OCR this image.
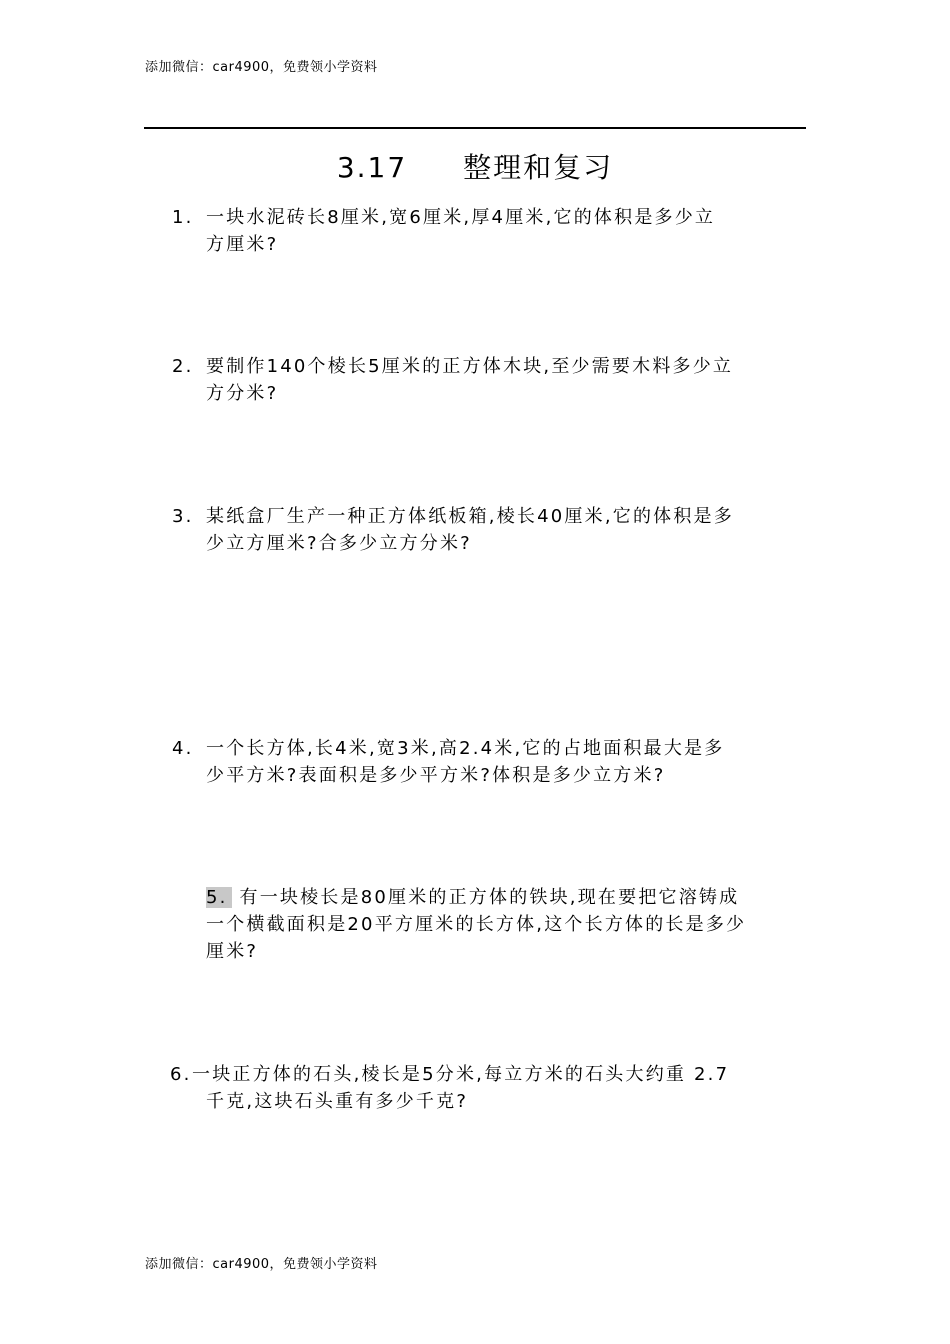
添加微信：car4900，免费领小学资料
3.17 整理和复习
1. 一块水泥砖长8厘米,宽6厘米,厚4厘米,它的体积是多少立
方厘米?
2. 要制作140个棱长5厘米的正方体木块,至少需要木料多少立
方分米?
3. 某纸盒厂生产一种正方体纸板箱,棱长40厘米,它的体积是多
少立方厘米?合多少立方分米?
4. 一个长方体,长4米,宽3米,高2.4米,它的占地面积最大是多
少平方米?表面积是多少平方米?体积是多少立方米?
5. 有一块棱长是80厘米的正方体的铁块,现在要把它溶铸成
一个横截面积是20平方厘米的长方体,这个长方体的长是多少
厘米?
6.一块正方体的石头,棱长是5分米,每立方米的石头大约重 2.7
千克,这块石头重有多少千克?
添加微信：car4900，免费领小学资料
